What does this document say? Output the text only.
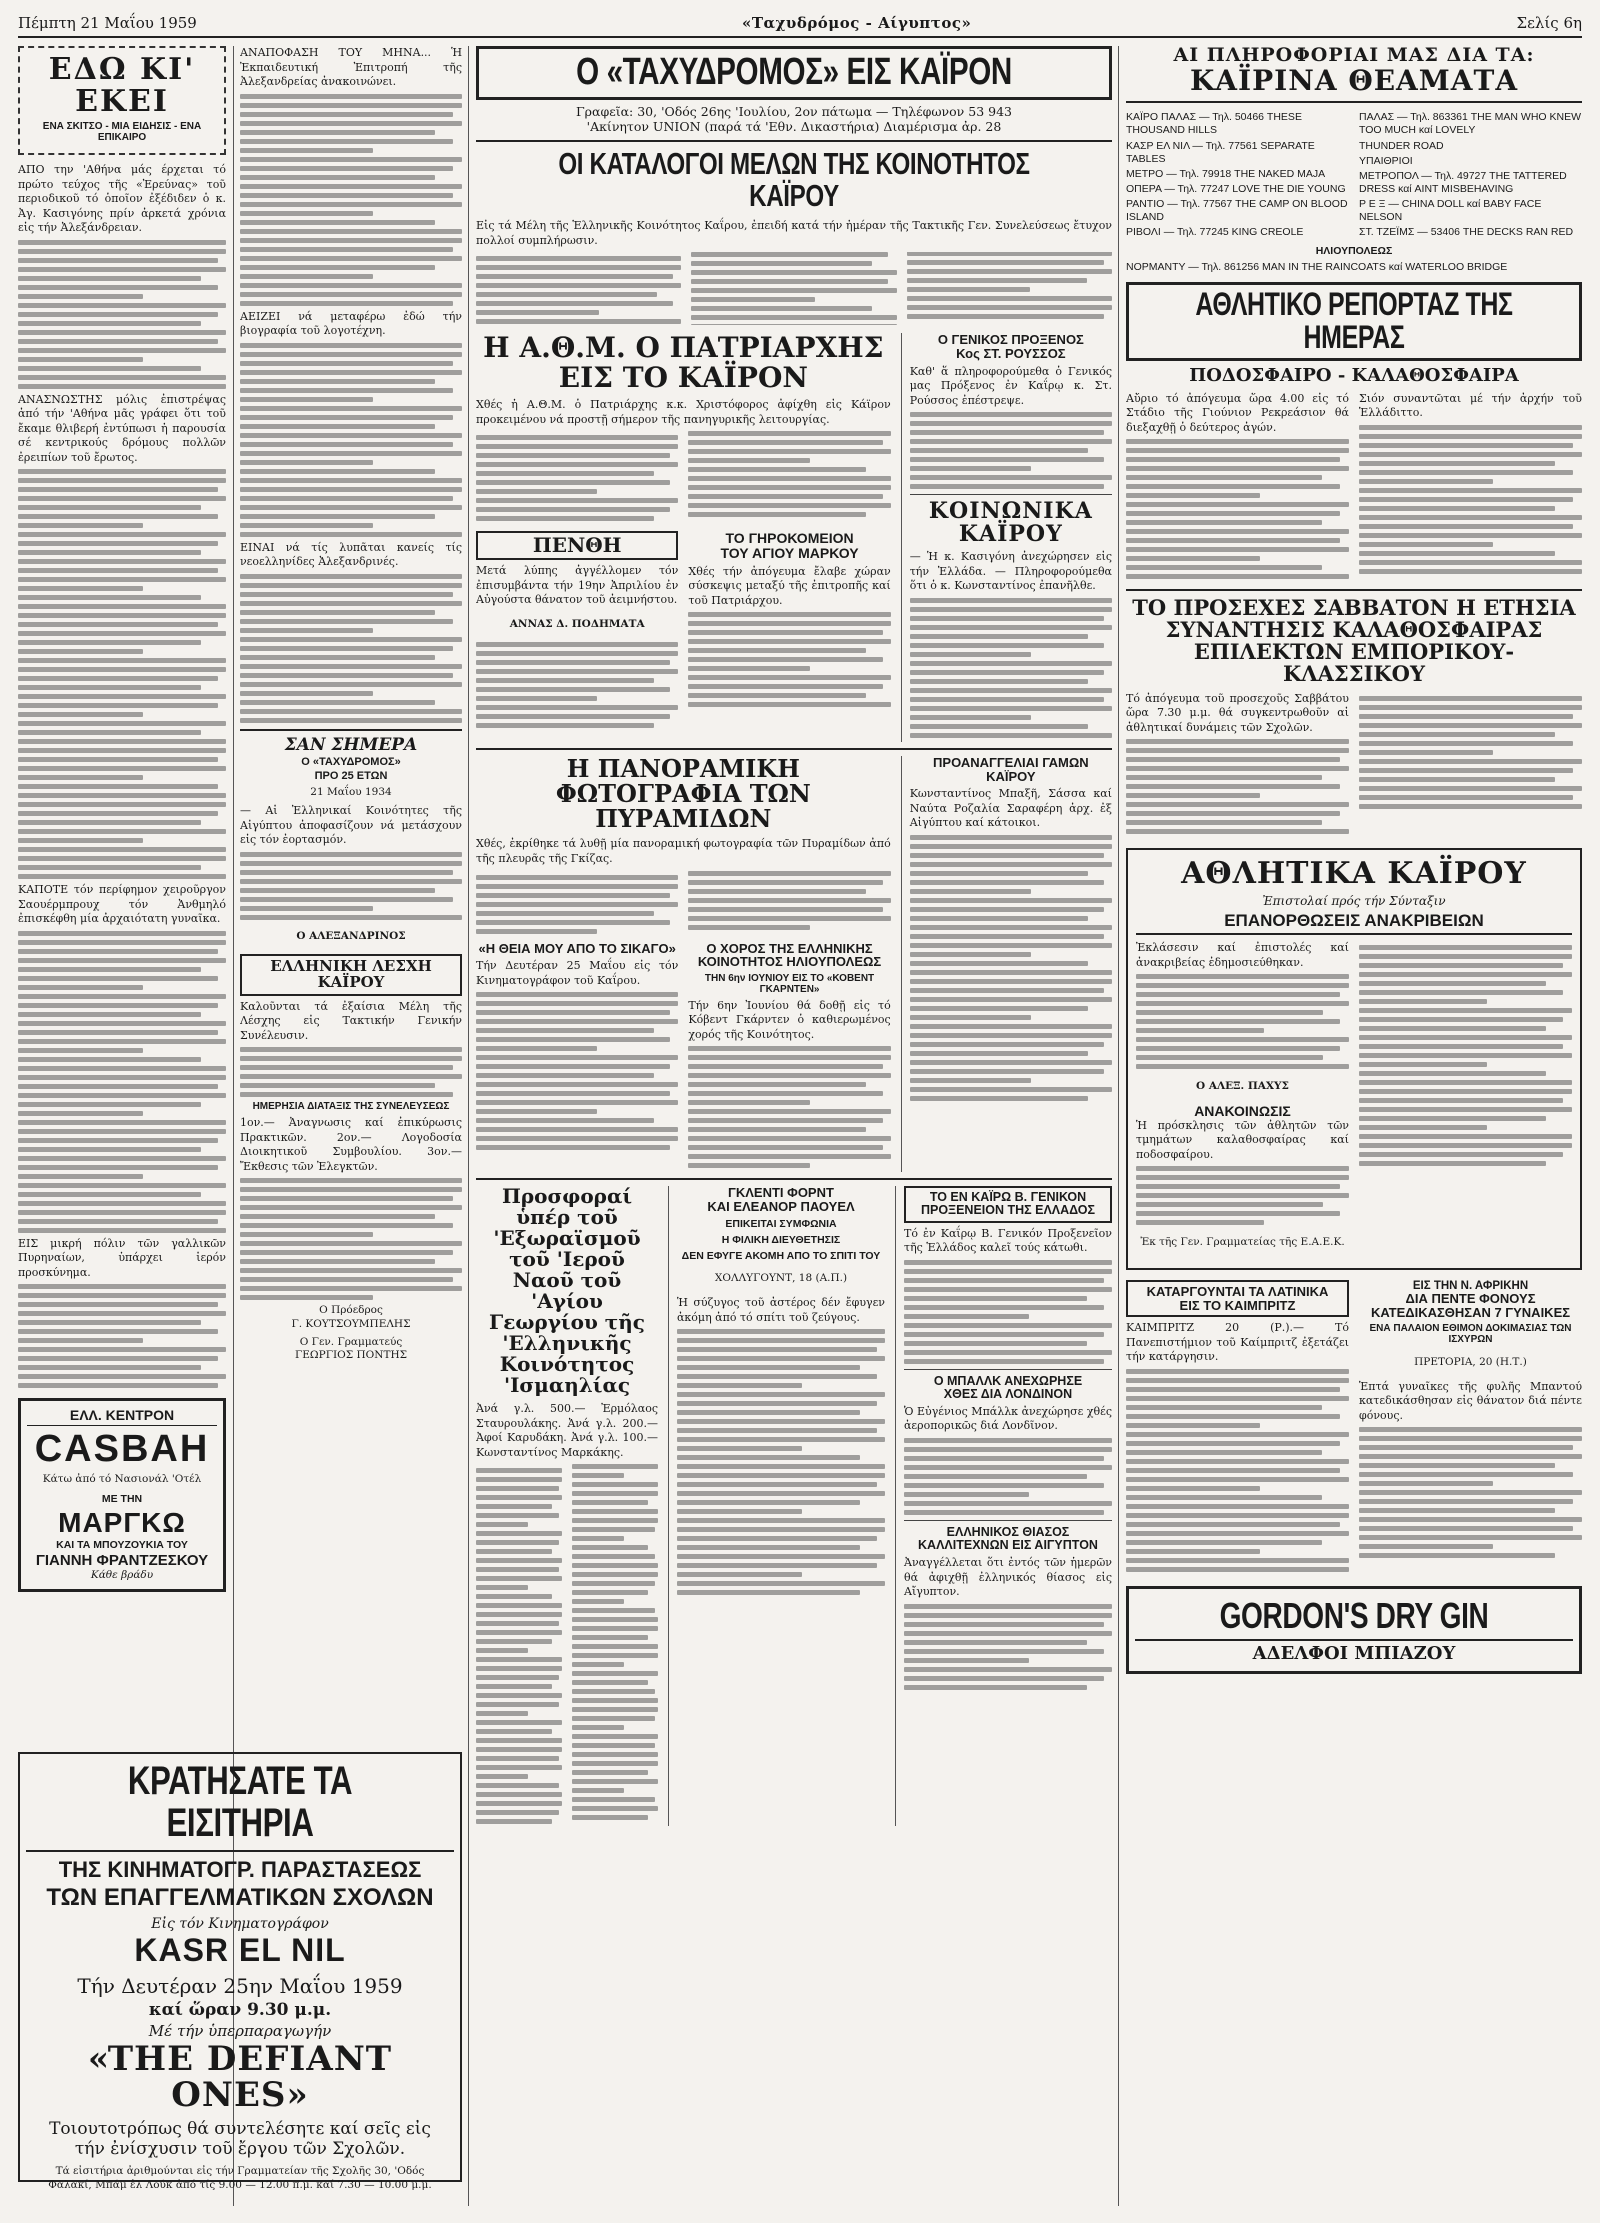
Πέμπτη 21 Μαΐου 1959	«Ταχυδρόμος - Αίγυπτος»	Σελίς 6η

ΕΔΩ ΚΙ' ΕΚΕΙ

ΕΝΑ ΣΚΙΤΣΟ - ΜΙΑ ΕΙΔΗΣΙΣ - ΕΝΑ ΕΠΙΚΑΙΡΟ

ΑΠΟ την 'Αθήνα μάς έρχεται τό πρώτο τεύχος τῆς «Ἐρεύνας» τοῦ περιοδικοῦ τό ὁποῖον ἐξέδιδεν ὁ κ. Ἀγ. Κασιγόνης πρίν ἀρκετά χρόνια εἰς τήν Ἀλεξάνδρειαν.

ΑΝΑΣΝΩΣΤΗΣ μόλις ἐπιστρέψας ἀπό τήν 'Αθήνα μᾶς γράφει ὅτι τοῦ ἔκαμε θλιβερή ἐντύπωσι ἡ παρουσία σέ κεντρικούς δρόμους πολλῶν ἐρειπίων τοῦ ἔρωτος.

ΚΑΠΟΤΕ τόν περίφημον χειροῦργον Σαουέρμπρουχ τόν Ἀνθμηλό ἐπισκέφθη μία ἀρχαιότατη γυναῖκα.

ΕΙΣ μικρή πόλιν τῶν γαλλικῶν Πυρηναίων, ὑπάρχει ἱερόν προσκύνημα.

ΕΛΛ. ΚΕΝΤΡΟΝ
CASBAH
Κάτω ἀπό τό Νασιονάλ 'Οτέλ
ΜΕ ΤΗΝ
ΜΑΡΓΚΩ
ΚΑΙ ΤΑ ΜΠΟΥΖΟΥΚΙΑ ΤΟΥ
ΓΙΑΝΝΗ ΦΡΑΝΤΖΕΣΚΟΥ
Κάθε βράδυ

ΑΝΑΠΟΦΑΣΗ ΤΟΥ ΜΗΝΑ... Ἡ Ἐκπαιδευτική Ἐπιτροπή τῆς Ἀλεξανδρείας ἀνακοινώνει.

ΑΕΙΖΕΙ νά μεταφέρω ἐδώ τήν βιογραφία τοῦ λογοτέχνη.

ΕΙΝΑΙ νά τίς λυπᾶται κανείς τίς νεοελληνίδες Ἀλεξανδρινές.

ΣΑΝ ΣΗΜΕΡΑ

Ο «ΤΑΧΥΔΡΟΜΟΣ»

ΠΡΟ 25 ΕΤΩΝ

21 Μαΐου 1934

— Αἱ Ἐλληνικαί Κοινότητες τῆς Αἰγύπτου ἀποφασίζουν νά μετάσχουν εἰς τόν ἐορτασμόν.

Ο ΑΛΕΞΑΝΔΡΙΝΟΣ

ΕΛΛΗΝΙΚΗ ΛΕΣΧΗ ΚΑΪΡΟΥ

Καλοῦνται τά ἐξαίσια Μέλη τῆς Λέσχης εἰς Τακτικήν Γενικήν Συνέλευσιν.

ΗΜΕΡΗΣΙΑ ΔΙΑΤΑΞΙΣ ΤΗΣ ΣΥΝΕΛΕΥΣΕΩΣ

1ον.— Ἀναγνωσις καί ἐπικύρωσις Πρακτικῶν. 2ον.— Λογοδοσία Διοικητικοῦ Συμβουλίου. 3ον.— Ἔκθεσις τῶν Ἐλεγκτῶν.

Ο Πρόεδρος
Γ. ΚΟΥΤΣΟΥΜΠΕΛΗΣ
Ο Γεν. Γραμματεύς
ΓΕΩΡΓΙΟΣ ΠΟΝΤΗΣ

ΚΡΑΤΗΣΑΤΕ ΤΑ ΕΙΣΙΤΗΡΙΑ

ΤΗΣ ΚΙΝΗΜΑΤΟΓΡ. ΠΑΡΑΣΤΑΣΕΩΣ

ΤΩΝ ΕΠΑΓΓΕΛΜΑΤΙΚΩΝ ΣΧΟΛΩΝ

Εἰς τόν Κινηματογράφον

KASR EL NIL

Τήν Δευτέραν 25ην Μαΐου 1959

καί ὥραν 9.30 μ.μ.

Μέ τήν ὑπερπαραγωγήν

«THE DEFIANT ONES»

Τοιουτοτρόπως θά συντελέσητε καί σεῖς εἰς τήν ἐνίσχυσιν τοῦ ἔργου τῶν Σχολῶν.

Τά εἰσιτήρια ἀριθμούνται εἰς τήν Γραμματείαν τῆς Σχολῆς 30, 'Οδός Φαλακί, Μπάμ ἐλ Λούκ ἀπό τίς 9.00 — 12.00 π.μ. καί 7.30 — 10.00 μ.μ.

Ο «ΤΑΧΥΔΡΟΜΟΣ» ΕΙΣ ΚΑΪΡΟΝ

Γραφεῖα: 30, 'Οδός 26ης 'Ιουλίου, 2ον πάτωμα — Τηλέφωνον 53 943

'Ακίνητον UNION (παρά τά 'Εθν. Δικαστήρια) Διαμέρισμα ἀρ. 28

ΟΙ ΚΑΤΑΛΟΓΟΙ ΜΕΛΩΝ ΤΗΣ ΚΟΙΝΟΤΗΤΟΣ ΚΑΪΡΟΥ

Εἰς τά Μέλη τῆς Ἑλληνικῆς Κοινότητος Καΐρου, ἐπειδή κατά τήν ἡμέραν τῆς Τακτικῆς Γεν. Συνελεύσεως ἔτυχον πολλοί συμπλήρωσιν.

Η Α.Θ.Μ. Ο ΠΑΤΡΙΑΡΧΗΣ ΕΙΣ ΤΟ ΚΑΪΡΟΝ

Χθές ἡ Α.Θ.Μ. ὁ Πατριάρχης κ.κ. Χριστόφορος ἀφίχθη εἰς Κάϊρον προκειμένου νά προστῇ σήμερον τῆς πανηγυρικῆς λειτουργίας.

ΠΕΝΘΗ

Μετά λύπης ἀγγέλλομεν τόν ἐπισυμβάντα τήν 19ην Ἀπριλίου ἐν Αὐγούστα θάνατον τοῦ ἀειμνήστου.

ΑΝΝΑΣ Δ. ΠΟΔΗΜΑΤΑ

ΤΟ ΓΗΡΟΚΟΜΕΙΟΝ

ΤΟΥ ΑΓΙΟΥ ΜΑΡΚΟΥ

Χθές τήν ἀπόγευμα ἔλαβε χώραν σύσκεψις μεταξύ τῆς ἐπιτροπῆς καί τοῦ Πατριάρχου.

Ο ΓΕΝΙΚΟΣ ΠΡΟΞΕΝΟΣ

Κος ΣΤ. ΡΟΥΣΣΟΣ

Καθ' ἅ πληροφορούμεθα ὁ Γενικός μας Πρόξενος ἐν Καΐρῳ κ. Στ. Ρούσσος ἐπέστρεψε.

ΚΟΙΝΩΝΙΚΑ ΚΑΪΡΟΥ

— Ἡ κ. Κασιγόνη ἀνεχώρησεν εἰς τήν Ἑλλάδα. — Πληροφορούμεθα ὅτι ὁ κ. Κωνσταντίνος ἐπανῆλθε.

Η ΠΑΝΟΡΑΜΙΚΗ ΦΩΤΟΓΡΑΦΙΑ ΤΩΝ ΠΥΡΑΜΙΔΩΝ

Χθές, ἐκρίθηκε τά λυθῇ μία πανοραμική φωτογραφία τῶν Πυραμίδων ἀπό τῆς πλευρᾶς τῆς Γκίζας.

«Η ΘΕΙΑ ΜΟΥ ΑΠΟ ΤΟ ΣΙΚΑΓΟ»

Τήν Δευτέραν 25 Μαΐου εἰς τόν Κινηματογράφον τοῦ Καΐρου.

Ο ΧΟΡΟΣ ΤΗΣ ΕΛΛΗΝΙΚΗΣ ΚΟΙΝΟΤΗΤΟΣ ΗΛΙΟΥΠΟΛΕΩΣ

ΤΗΝ 6ην ΙΟΥΝΙΟΥ ΕΙΣ ΤΟ «ΚΟΒΕΝΤ ΓΚΑΡΝΤΕΝ»

Τήν 6ην Ἰουνίου θά δοθῇ εἰς τό Κόβεντ Γκάρντεν ὁ καθιερωμένος χορός τῆς Κοινότητος.

ΠΡΟΑΝΑΓΓΕΛΙΑΙ ΓΑΜΩΝ ΚΑΪΡΟΥ

Κωνσταντίνος Μπαξῆ, Σάσσα καί Ναύτα Ροζαλία Σαραφέρη ἀρχ. ἐξ Αἰγύπτου καί κάτοικοι.

Προσφοραί ὑπέρ τοῦ 'Εξωραϊσμοῦ τοῦ 'Ιεροῦ Ναοῦ τοῦ 'Αγίου Γεωργίου τῆς 'Ελληνικῆς Κοινότητος 'Ισμαηλίας

Ἀνά γ.λ. 500.— Ἐρμόλαος Σταυρουλάκης. Ἀνά γ.λ. 200.— Ἀφοί Καρυδάκη. Ἀνά γ.λ. 100.— Κωνσταντίνος Μαρκάκης.

ΓΚΛΕΝΤΙ ΦΟΡΝΤ

ΚΑΙ ΕΛΕΑΝΟΡ ΠΑΟΥΕΛ

ΕΠΙΚΕΙΤΑΙ ΣΥΜΦΩΝΙΑ

Η ΦΙΛΙΚΗ ΔΙΕΥΘΕΤΗΣΙΣ

ΔΕΝ ΕΦΥΓΕ ΑΚΟΜΗ ΑΠΟ ΤΟ ΣΠΙΤΙ ΤΟΥ

ΧΟΛΛΥΓΟΥΝΤ, 18 (Α.Π.)

Ἡ σύζυγος τοῦ ἀστέρος δέν ἔφυγεν ἀκόμη ἀπό τό σπίτι τοῦ ζεύγους.

ΤΟ ΕΝ ΚΑΪΡΩ Β. ΓΕΝΙΚΟΝ

ΠΡΟΞΕΝΕΙΟΝ ΤΗΣ ΕΛΛΑΔΟΣ

Τό ἐν Καΐρῳ Β. Γενικόν Προξενεῖον τῆς Ἑλλάδος καλεῖ τούς κάτωθι.

Ο ΜΠΑΛΛΚ ΑΝΕΧΩΡΗΣΕ

ΧΘΕΣ ΔΙΑ ΛΟΝΔΙΝΟΝ

Ὁ Εὐγένιος Μπάλλκ ἀνεχώρησε χθές ἀεροπορικῶς διά Λονδῖνον.

ΕΛΛΗΝΙΚΟΣ ΘΙΑΣΟΣ

ΚΑΛΛΙΤΕΧΝΩΝ ΕΙΣ ΑΙΓΥΠΤΟΝ

Ἀναγγέλλεται ὅτι ἐντός τῶν ἡμερῶν θά ἀφιχθῇ ἐλληνικός θίασος εἰς Αἴγυπτον.

ΑΙ ΠΛΗΡΟΦΟΡΙΑΙ ΜΑΣ ΔΙΑ ΤΑ:

ΚΑΪΡΙΝΑ ΘΕΑΜΑΤΑ

ΚΑΪΡΟ ΠΑΛΑΣ — Τηλ. 50466 THESE THOUSAND HILLS

ΚΑΣΡ ΕΛ ΝΙΛ — Τηλ. 77561 SEPARATE TABLES

ΜΕΤΡΟ — Τηλ. 79918 THE NAKED MAJA

ΟΠΕΡΑ — Τηλ. 77247 LOVE THE DIE YOUNG

ΡΑΝΤΙΟ — Τηλ. 77567 THE CAMP ON BLOOD ISLAND

ΡΙΒΟΛΙ — Τηλ. 77245 KING CREOLE

ΠΑΛΑΣ — Τηλ. 863361 THE MAN WHO KNEW TOO MUCH καί LOVELY

THUNDER ROAD

ΥΠΑΙΘΡΙΟΙ

ΜΕΤΡΟΠΟΛ — Τηλ. 49727 THE TATTERED DRESS καί AINT MISBEHAVING

Ρ Ε Ξ — CHINA DOLL καί BABY FACE NELSON

ΣΤ. ΤΖΕΪΜΣ — 53406 THE DECKS RAN RED

ΗΛΙΟΥΠΟΛΕΩΣ

ΝΟΡΜΑΝΤΥ — Τηλ. 861256 MAN IN THE RAINCOATS καί WATERLOO BRIDGE

ΑΘΛΗΤΙΚΟ ΡΕΠΟΡΤΑΖ ΤΗΣ ΗΜΕΡΑΣ

ΠΟΔΟΣΦΑΙΡΟ - ΚΑΛΑΘΟΣΦΑΙΡΑ

Αὔριο τό ἀπόγευμα ὥρα 4.00 εἰς τό Στάδιο τῆς Γιούνιον Ρεκρεάσιον θά διεξαχθῇ ὁ δεύτερος ἀγών.

Σιόν συναντῶται μέ τήν ἀρχήν τοῦ Ἑλλάδιττο.

ΤΟ ΠΡΟΣΕΧΕΣ ΣΑΒΒΑΤΟΝ Η ΕΤΗΣΙΑ ΣΥΝΑΝΤΗΣΙΣ ΚΑΛΑΘΟΣΦΑΙΡΑΣ ΕΠΙΛΕΚΤΩΝ ΕΜΠΟΡΙΚΟΥ-ΚΛΑΣΣΙΚΟΥ

Τό ἀπόγευμα τοῦ προσεχοῦς Σαββάτου ὥρα 7.30 μ.μ. θά συγκεντρωθοῦν αἱ ἀθλητικαί δυνάμεις τῶν Σχολῶν.

ΑΘΛΗΤΙΚΑ ΚΑΪΡΟΥ

Ἐπιστολαί πρός τήν Σύνταξιν

ΕΠΑΝΟΡΘΩΣΕΙΣ ΑΝΑΚΡΙΒΕΙΩΝ

Ἐκλάσεσιν καί ἐπιστολές καί ἀνακριβείας ἐδημοσιεύθηκαν.

Ο ΑΛΕΞ. ΠΑΧΥΣ

ΑΝΑΚΟΙΝΩΣΙΣ

Ἡ πρόσκλησις τῶν ἀθλητῶν τῶν τμημάτων καλαθοσφαίρας καί ποδοσφαίρου.

Ἐκ τῆς Γεν. Γραμματείας τῆς Ε.Α.Ε.Κ.

ΚΑΤΑΡΓΟΥΝΤΑΙ ΤΑ ΛΑΤΙΝΙΚΑ

ΕΙΣ ΤΟ ΚΑΙΜΠΡΙΤΖ

ΚΑΙΜΠΡΙΤΖ 20 (Ρ.).— Τό Πανεπιστήμιον τοῦ Καίμπριτζ ἐξετάζει τήν κατάργησιν.

ΕΙΣ ΤΗΝ Ν. ΑΦΡΙΚΗΝ

ΔΙΑ ΠΕΝΤΕ ΦΟΝΟΥΣ

ΚΑΤΕΔΙΚΑΣΘΗΣΑΝ 7 ΓΥΝΑΙΚΕΣ

ΕΝΑ ΠΑΛΑΙΟΝ ΕΘΙΜΟΝ ΔΟΚΙΜΑΣΙΑΣ ΤΩΝ ΙΣΧΥΡΩΝ

ΠΡΕΤΟΡΙΑ, 20 (Η.Τ.)

Ἑπτά γυναῖκες τῆς φυλῆς Μπαντού κατεδικάσθησαν εἰς θάνατον διά πέντε φόνους.

GORDON'S DRY GIN

ΑΔΕΛΦΟΙ ΜΠΙΑΖΟΥ
